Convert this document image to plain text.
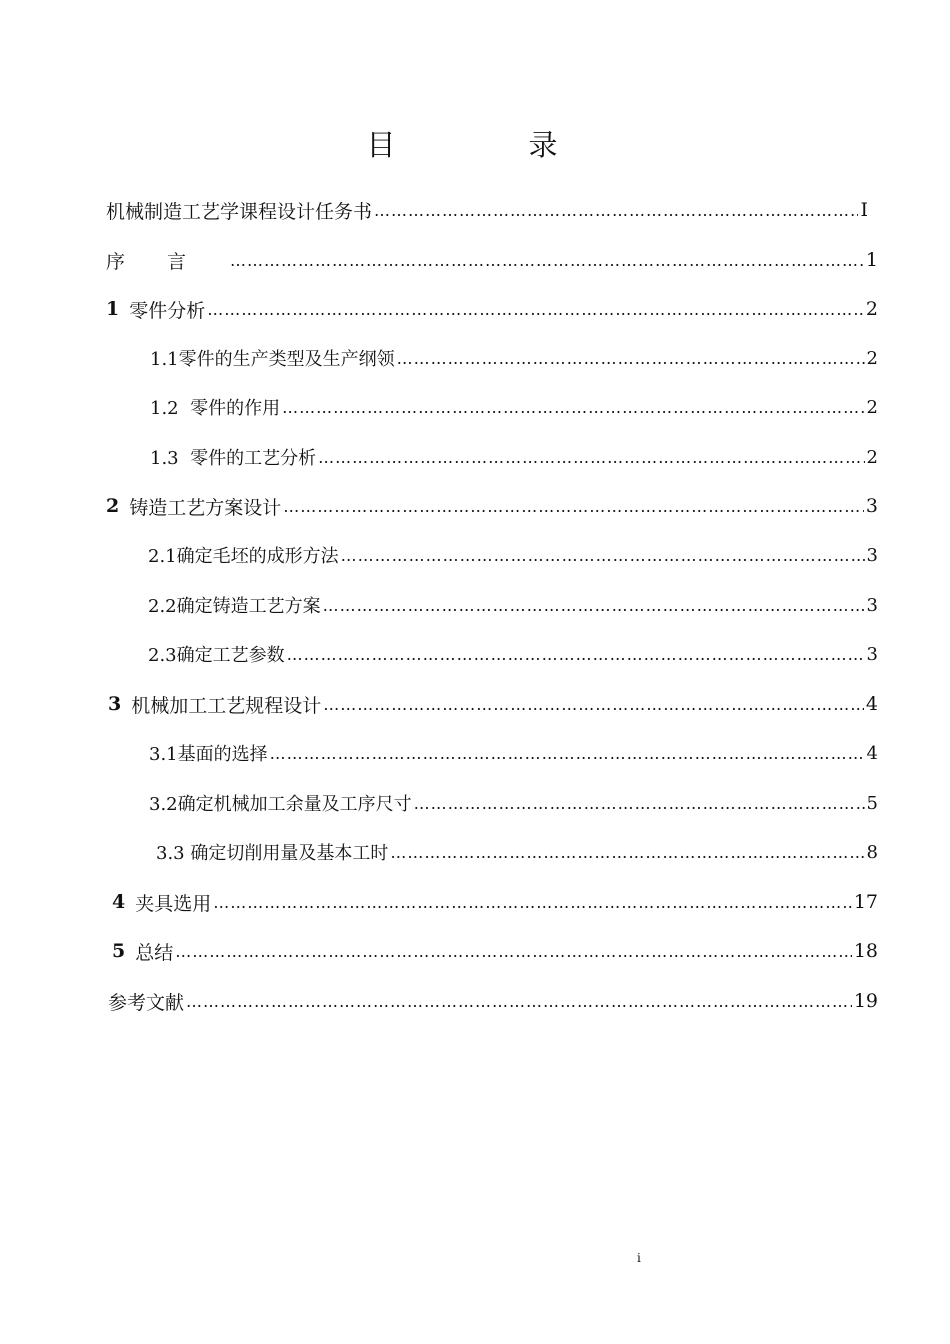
目　录
机械制造工艺学课程设计任务书 ………………………………………………………………………………………………………………………………………………………………	I
序言 ………………………………………………………………………………………………………………………………………………………………	1
1 零件分析 ………………………………………………………………………………………………………………………………………………………………	2
1.1零件的生产类型及生产纲领 ………………………………………………………………………………………………………………………………………………………………	2
1.2  零件的作用 ………………………………………………………………………………………………………………………………………………………………	2
1.3  零件的工艺分析 ………………………………………………………………………………………………………………………………………………………………	2
2 铸造工艺方案设计 ………………………………………………………………………………………………………………………………………………………………	3
2.1确定毛坯的成形方法 ………………………………………………………………………………………………………………………………………………………………	3
2.2确定铸造工艺方案 ………………………………………………………………………………………………………………………………………………………………	3
2.3确定工艺参数 ………………………………………………………………………………………………………………………………………………………………	3
3 机械加工工艺规程设计 ………………………………………………………………………………………………………………………………………………………………	4
3.1基面的选择 ………………………………………………………………………………………………………………………………………………………………	4
3.2确定机械加工余量及工序尺寸 ………………………………………………………………………………………………………………………………………………………………	5
3.3 确定切削用量及基本工时 ………………………………………………………………………………………………………………………………………………………………	8
4 夹具选用 ………………………………………………………………………………………………………………………………………………………………	17
5 总结 ………………………………………………………………………………………………………………………………………………………………	18
参考文献 ………………………………………………………………………………………………………………………………………………………………	19
i
